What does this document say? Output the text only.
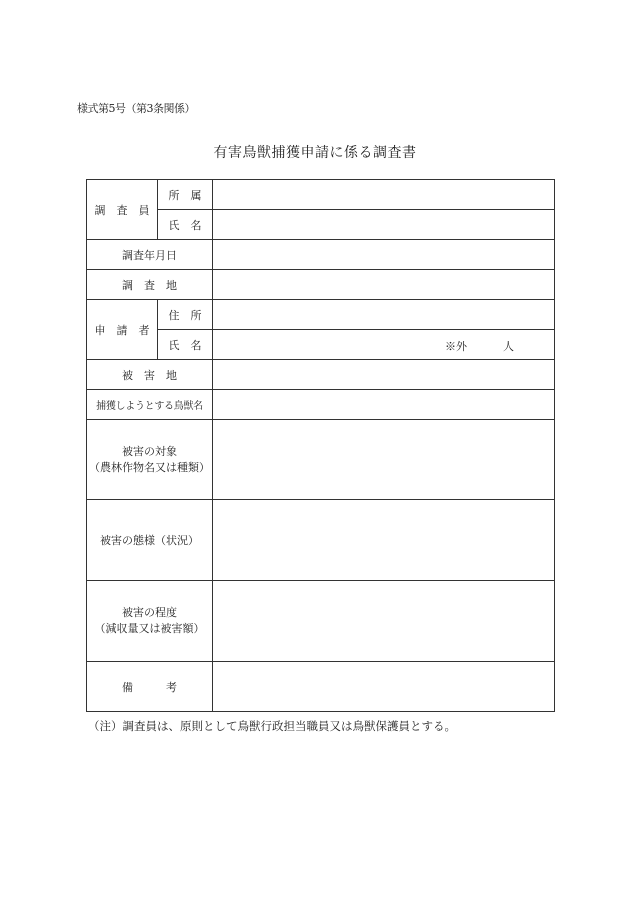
様式第5号（第3条関係）
有害鳥獣捕獲申請に係る調査書
調　査　員	所　属	
	氏　名	
調査年月日		
調　査　地		
申　請　者	住　所	
	氏　名	※外 人

被　害　地		
捕獲しようとする鳥獣名		

被害の対象
（農林作物名又は種類）		

被害の態様（状況）		

被害の程度
（減収量又は被害額）		

備　　　考		
（注）調査員は、原則として鳥獣行政担当職員又は鳥獣保護員とする。
